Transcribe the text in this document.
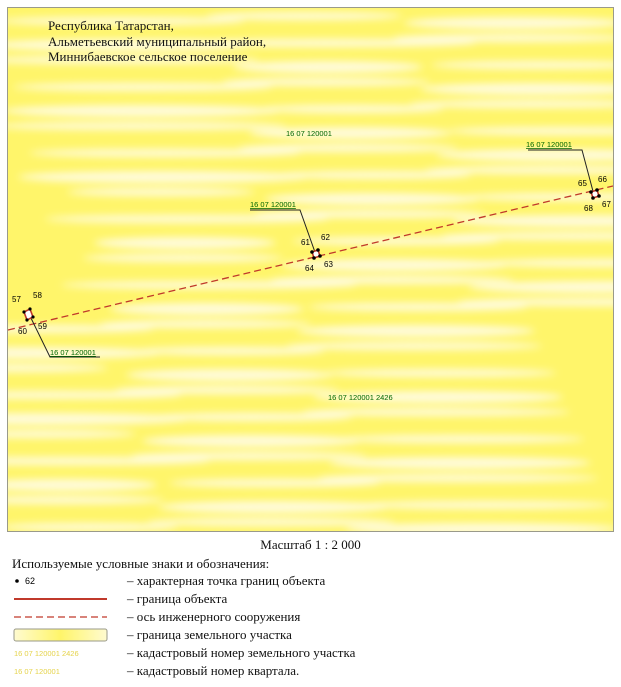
57 58
59
60
61
62
63
64
65 66
67
68
16 07 120001
16 07 120001
16 07 120001
16 07 120001
16 07 120001 2426
Республика Татарстан,
Альметьевский муниципальный район,
Миннибаевское сельское поселение
Масштаб 1 : 2 000
Используемые условные знаки и обозначения:
62	– характерная точка границ объекта
– граница объекта
– ось инженерного сооружения
– граница земельного участка
16 07 120001 2426	– кадастровый номер земельного участка
16 07 120001	– кадастровый номер квартала.
